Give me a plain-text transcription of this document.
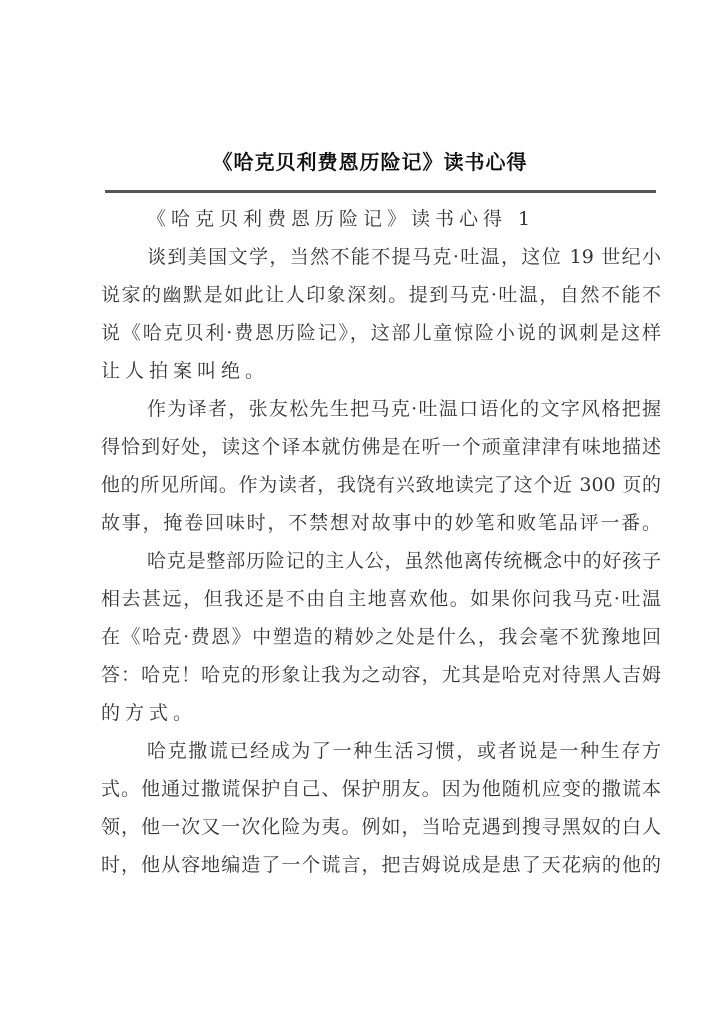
《哈克贝利费恩历险记》读书心得
《哈克贝利费恩历险记》读书心得 1
谈到美国文学，当然不能不提马克·吐温，这位 19 世纪小
说家的幽默是如此让人印象深刻。提到马克·吐温，自然不能不
说《哈克贝利·费恩历险记》，这部儿童惊险小说的讽刺是这样
让人拍案叫绝。
作为译者，张友松先生把马克·吐温口语化的文字风格把握
得恰到好处，读这个译本就仿佛是在听一个顽童津津有味地描述
他的所见所闻。作为读者，我饶有兴致地读完了这个近 300 页的
故事，掩卷回味时，不禁想对故事中的妙笔和败笔品评一番。
哈克是整部历险记的主人公，虽然他离传统概念中的好孩子
相去甚远，但我还是不由自主地喜欢他。如果你问我马克·吐温
在《哈克·费恩》中塑造的精妙之处是什么，我会毫不犹豫地回
答：哈克！哈克的形象让我为之动容，尤其是哈克对待黑人吉姆
的方式。
哈克撒谎已经成为了一种生活习惯，或者说是一种生存方
式。他通过撒谎保护自己、保护朋友。因为他随机应变的撒谎本
领，他一次又一次化险为夷。例如，当哈克遇到搜寻黑奴的白人
时，他从容地编造了一个谎言，把吉姆说成是患了天花病的他的
